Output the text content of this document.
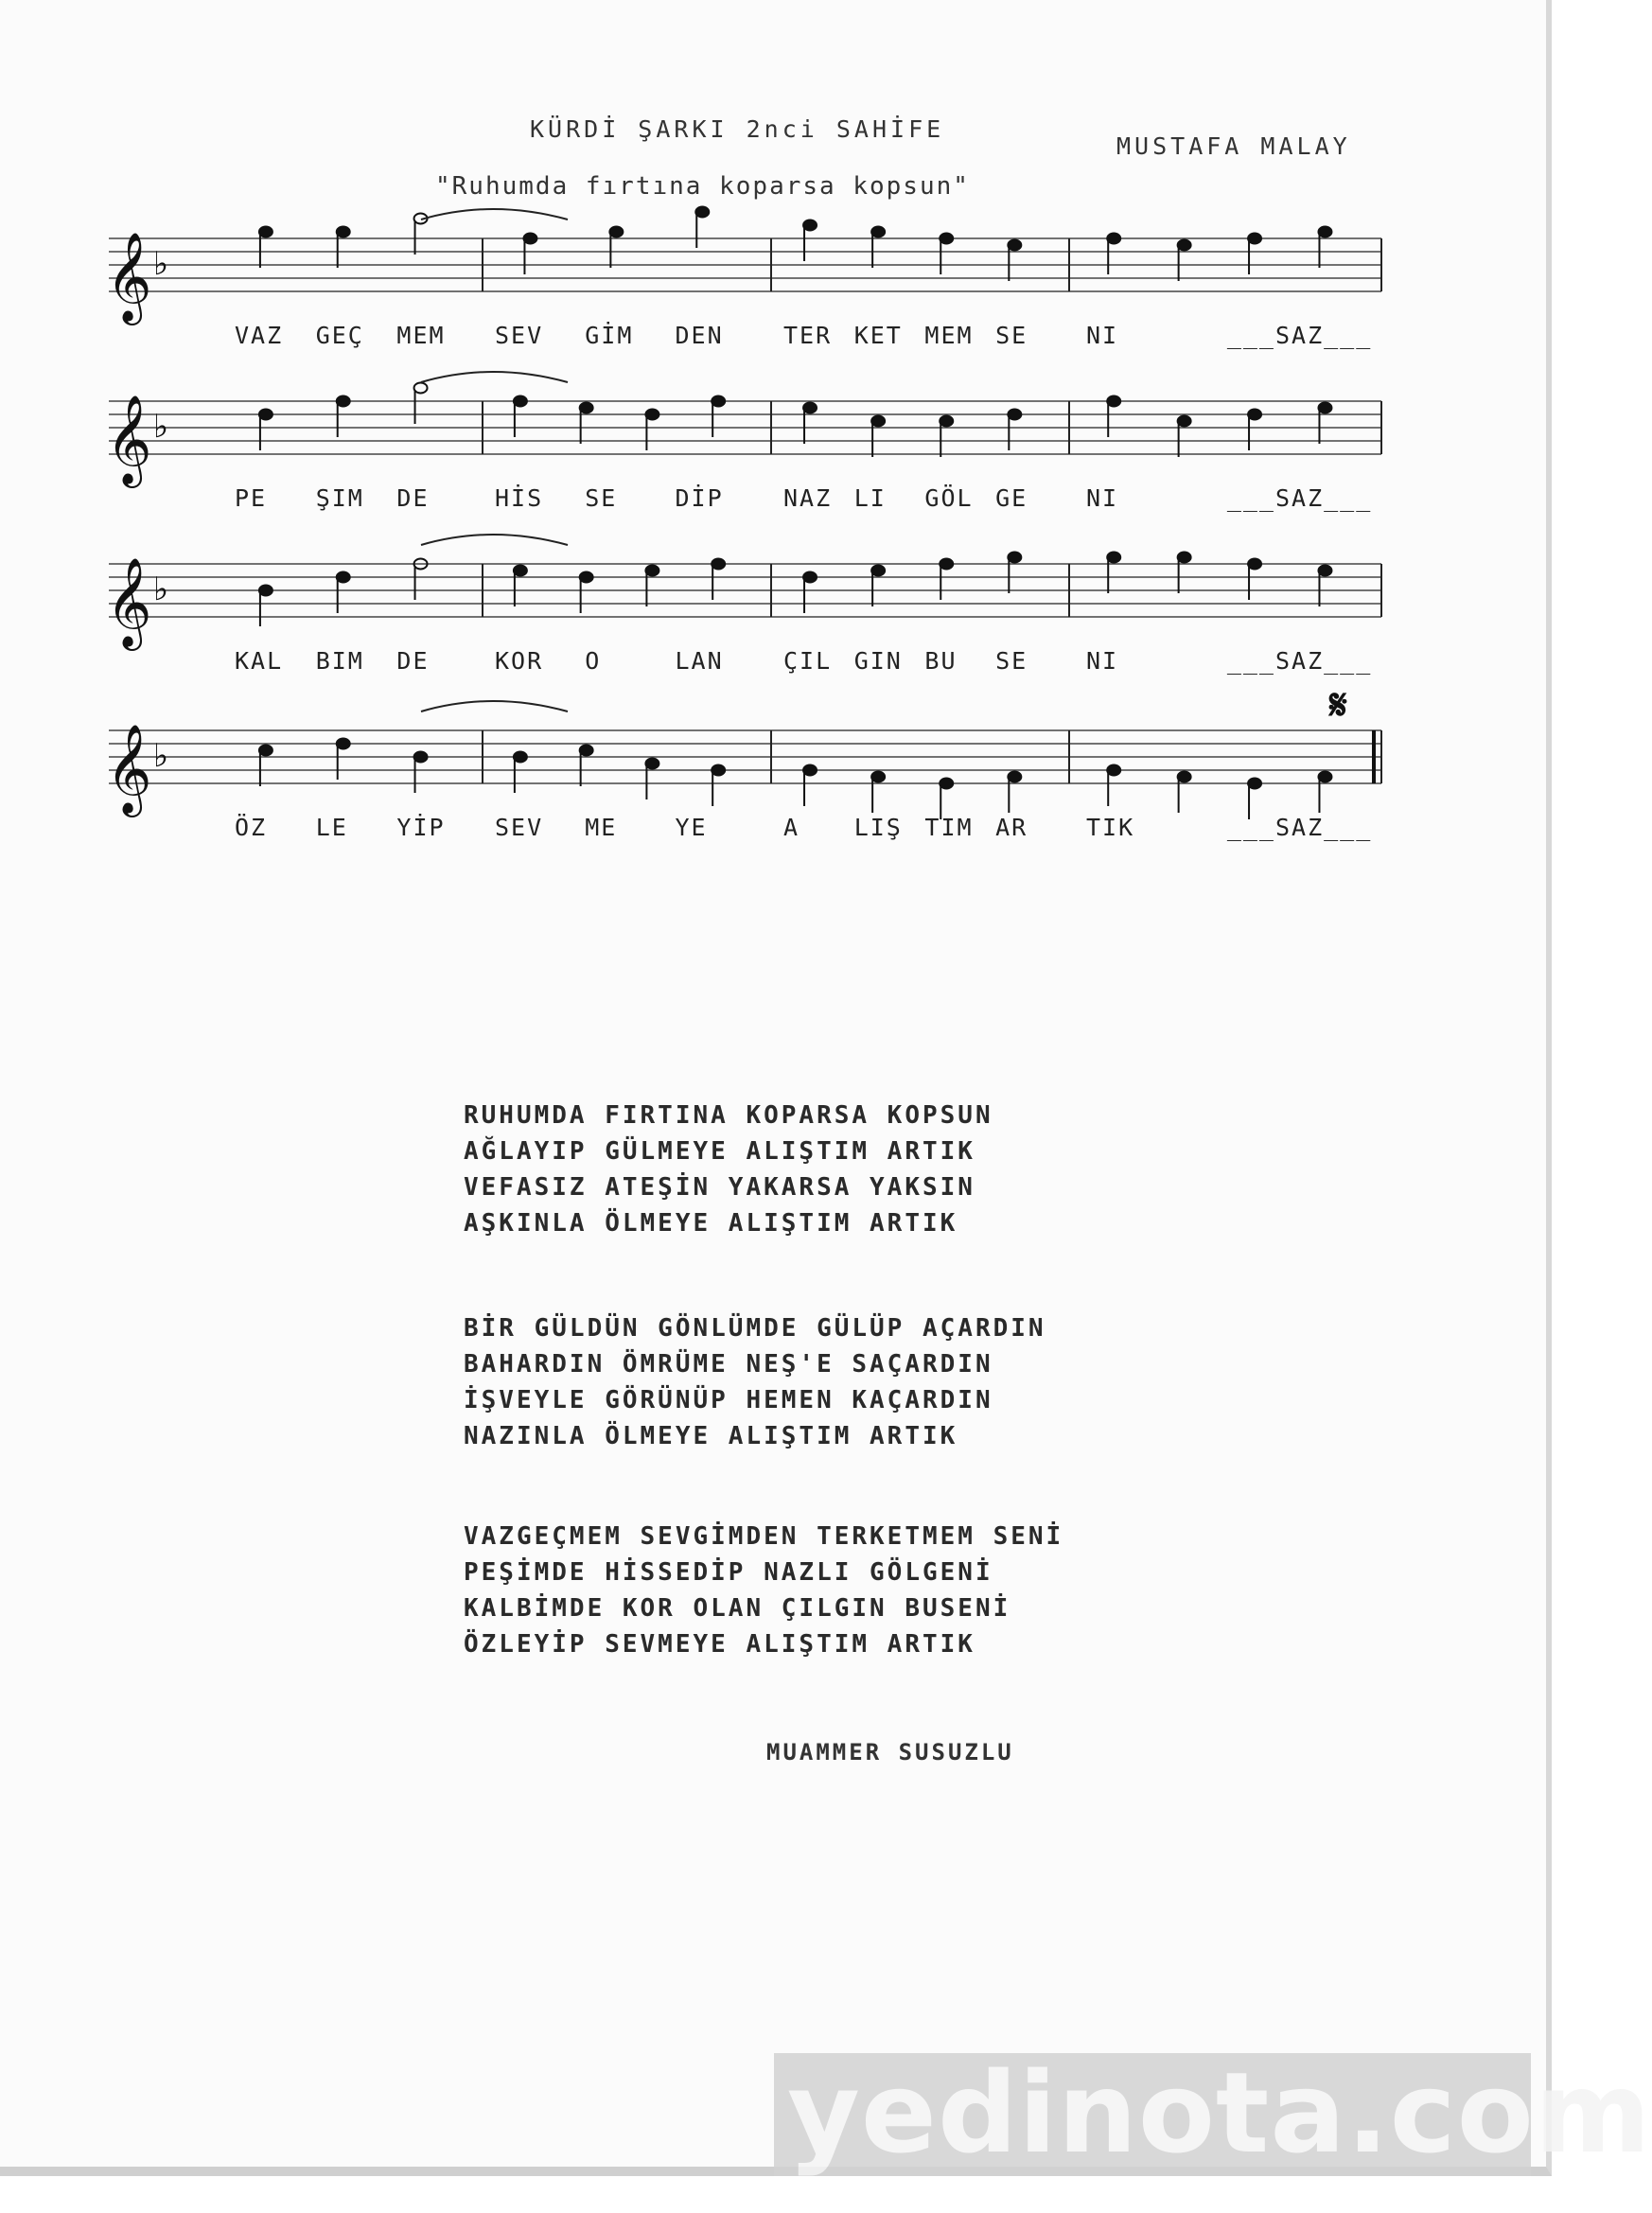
KÜRDİ ŞARKI 2nci SAHİFE
MUSTAFA MALAY
"Ruhumda fırtına koparsa kopsun"
𝄞 ♭
VAZ GEÇ MEM SEV GİM DEN	TER KET MEM SE NI	___SAZ___
𝄞 ♭
PE ŞIM DE	HİS SE DİP	NAZ LI GÖL GE NI	___SAZ___
𝄞 ♭
KAL BIM DE	KOR O	LAN	ÇIL GIN BU SE NI	___SAZ___
𝄞 ♭
𝄋
ÖZ LE YİP SEV ME YE	A LIŞ TIM AR TIK	___SAZ___
RUHUMDA FIRTINA KOPARSA KOPSUN
AĞLAYIP GÜLMEYE ALIŞTIM ARTIK
VEFASIZ ATEŞİN YAKARSA YAKSIN
AŞKINLA ÖLMEYE ALIŞTIM ARTIK
BİR GÜLDÜN GÖNLÜMDE GÜLÜP AÇARDIN
BAHARDIN ÖMRÜME NEŞ'E SAÇARDIN
İŞVEYLE GÖRÜNÜP HEMEN KAÇARDIN
NAZINLA ÖLMEYE ALIŞTIM ARTIK
VAZGEÇMEM SEVGİMDEN TERKETMEM SENİ
PEŞİMDE HİSSEDİP NAZLI GÖLGENİ
KALBİMDE KOR OLAN ÇILGIN BUSENİ
ÖZLEYİP SEVMEYE ALIŞTIM ARTIK
MUAMMER SUSUZLU
yedinota.com
